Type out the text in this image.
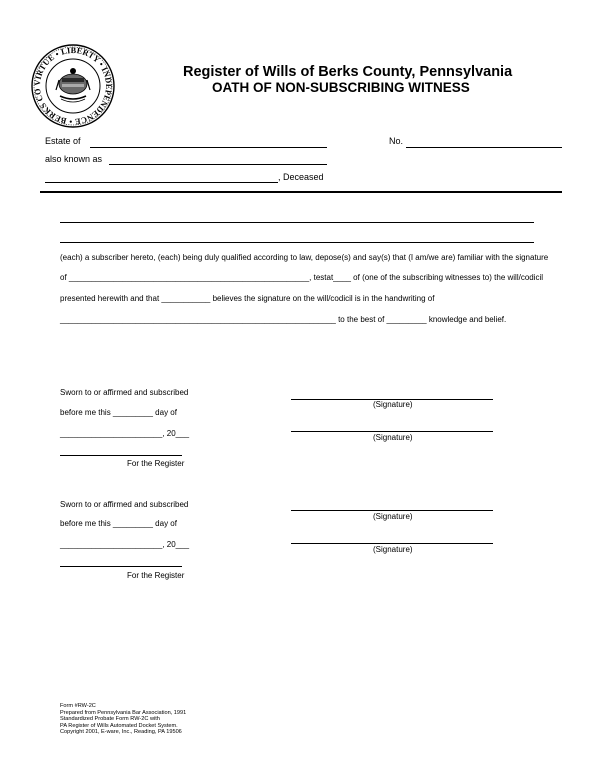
VIRTUE • LIBERTY • INDEPENDENCE • BERKS CO
Register of Wills of Berks County, Pennsylvania
OATH OF NON-SUBSCRIBING WITNESS
Estate of	No.
also known as
, Deceased
(each) a subscriber hereto, (each) being duly qualified according to law, depose(s) and say(s) that (I am/we are) familiar with the signature
of ______________________________________________________, testat____ of (one of the subscribing witnesses to) the will/codicil
presented herewith and that ___________ believes the signature on the will/codicil is in the handwriting of
______________________________________________________________ to the best of _________ knowledge and belief.
Sworn to or affirmed and subscribed
before me this _________ day of
_______________________, 20___
For the Register
(Signature)
(Signature)
Sworn to or affirmed and subscribed
before me this _________ day of
_______________________, 20___
For the Register
(Signature)
(Signature)
Form #RW-2C
Prepared from Pennsylvania Bar Association, 1991
Standardized Probate Form RW-2C with
PA Register of Wills Automated Docket System.
Copyright 2001, E-ware, Inc., Reading, PA 19506
